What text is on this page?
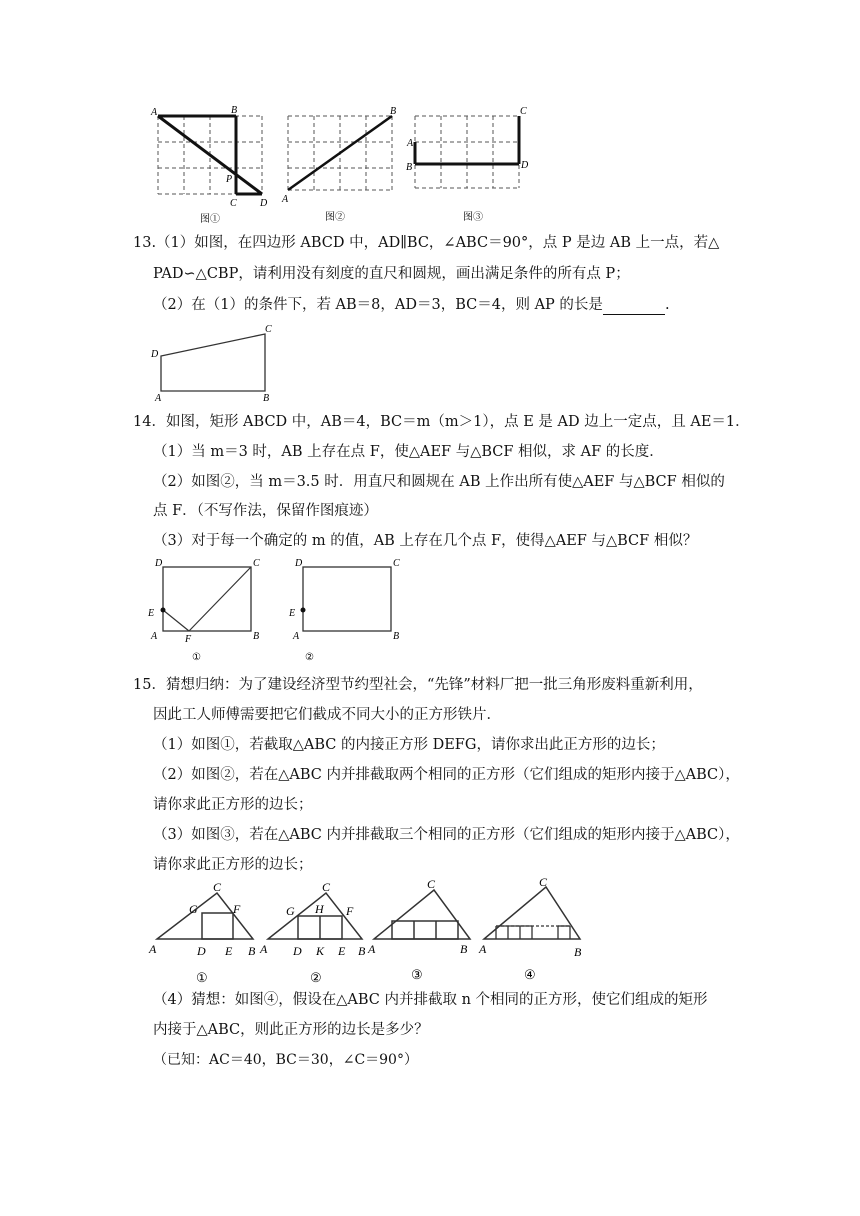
A	B
P
C D
图①
B
A
图②
C
A
B	D
图③
13.（1）如图，在四边形 ABCD 中，AD∥BC，∠ABC＝90°，点 P 是边 AB 上一点，若△
PAD∽△CBP，请利用没有刻度的直尺和圆规，画出满足条件的所有点 P；
（2）在（1）的条件下，若 AB＝8，AD＝3，BC＝4，则 AP 的长是	.
C
D
A	B
14．如图，矩形 ABCD 中，AB＝4，BC＝m（m＞1），点 E 是 AD 边上一定点，且 AE＝1．
（1）当 m＝3 时，AB 上存在点 F，使△AEF 与△BCF 相似，求 AF 的长度．
（2）如图②，当 m＝3.5 时．用直尺和圆规在 AB 上作出所有使△AEF 与△BCF 相似的
点 F．（不写作法，保留作图痕迹）
（3）对于每一个确定的 m 的值，AB 上存在几个点 F，使得△AEF 与△BCF 相似？
D	C
E
A	F	B
①
D	C
E
A	B
②
15．猜想归纳：为了建设经济型节约型社会，“先锋”材料厂把一批三角形废料重新利用，
因此工人师傅需要把它们截成不同大小的正方形铁片．
（1）如图①，若截取△ABC 的内接正方形 DEFG，请你求出此正方形的边长；
（2）如图②，若在△ABC 内并排截取两个相同的正方形（它们组成的矩形内接于△ABC），
请你求此正方形的边长；
（3）如图③，若在△ABC 内并排截取三个相同的正方形（它们组成的矩形内接于△ABC），
请你求此正方形的边长；
C
G	F
A	D E B
①
C
G H F
A D K E B
②
C
A	B
③
C
A	B
④
（4）猜想：如图④，假设在△ABC 内并排截取 n 个相同的正方形，使它们组成的矩形
内接于△ABC，则此正方形的边长是多少？
（已知：AC＝40，BC＝30，∠C＝90°）
